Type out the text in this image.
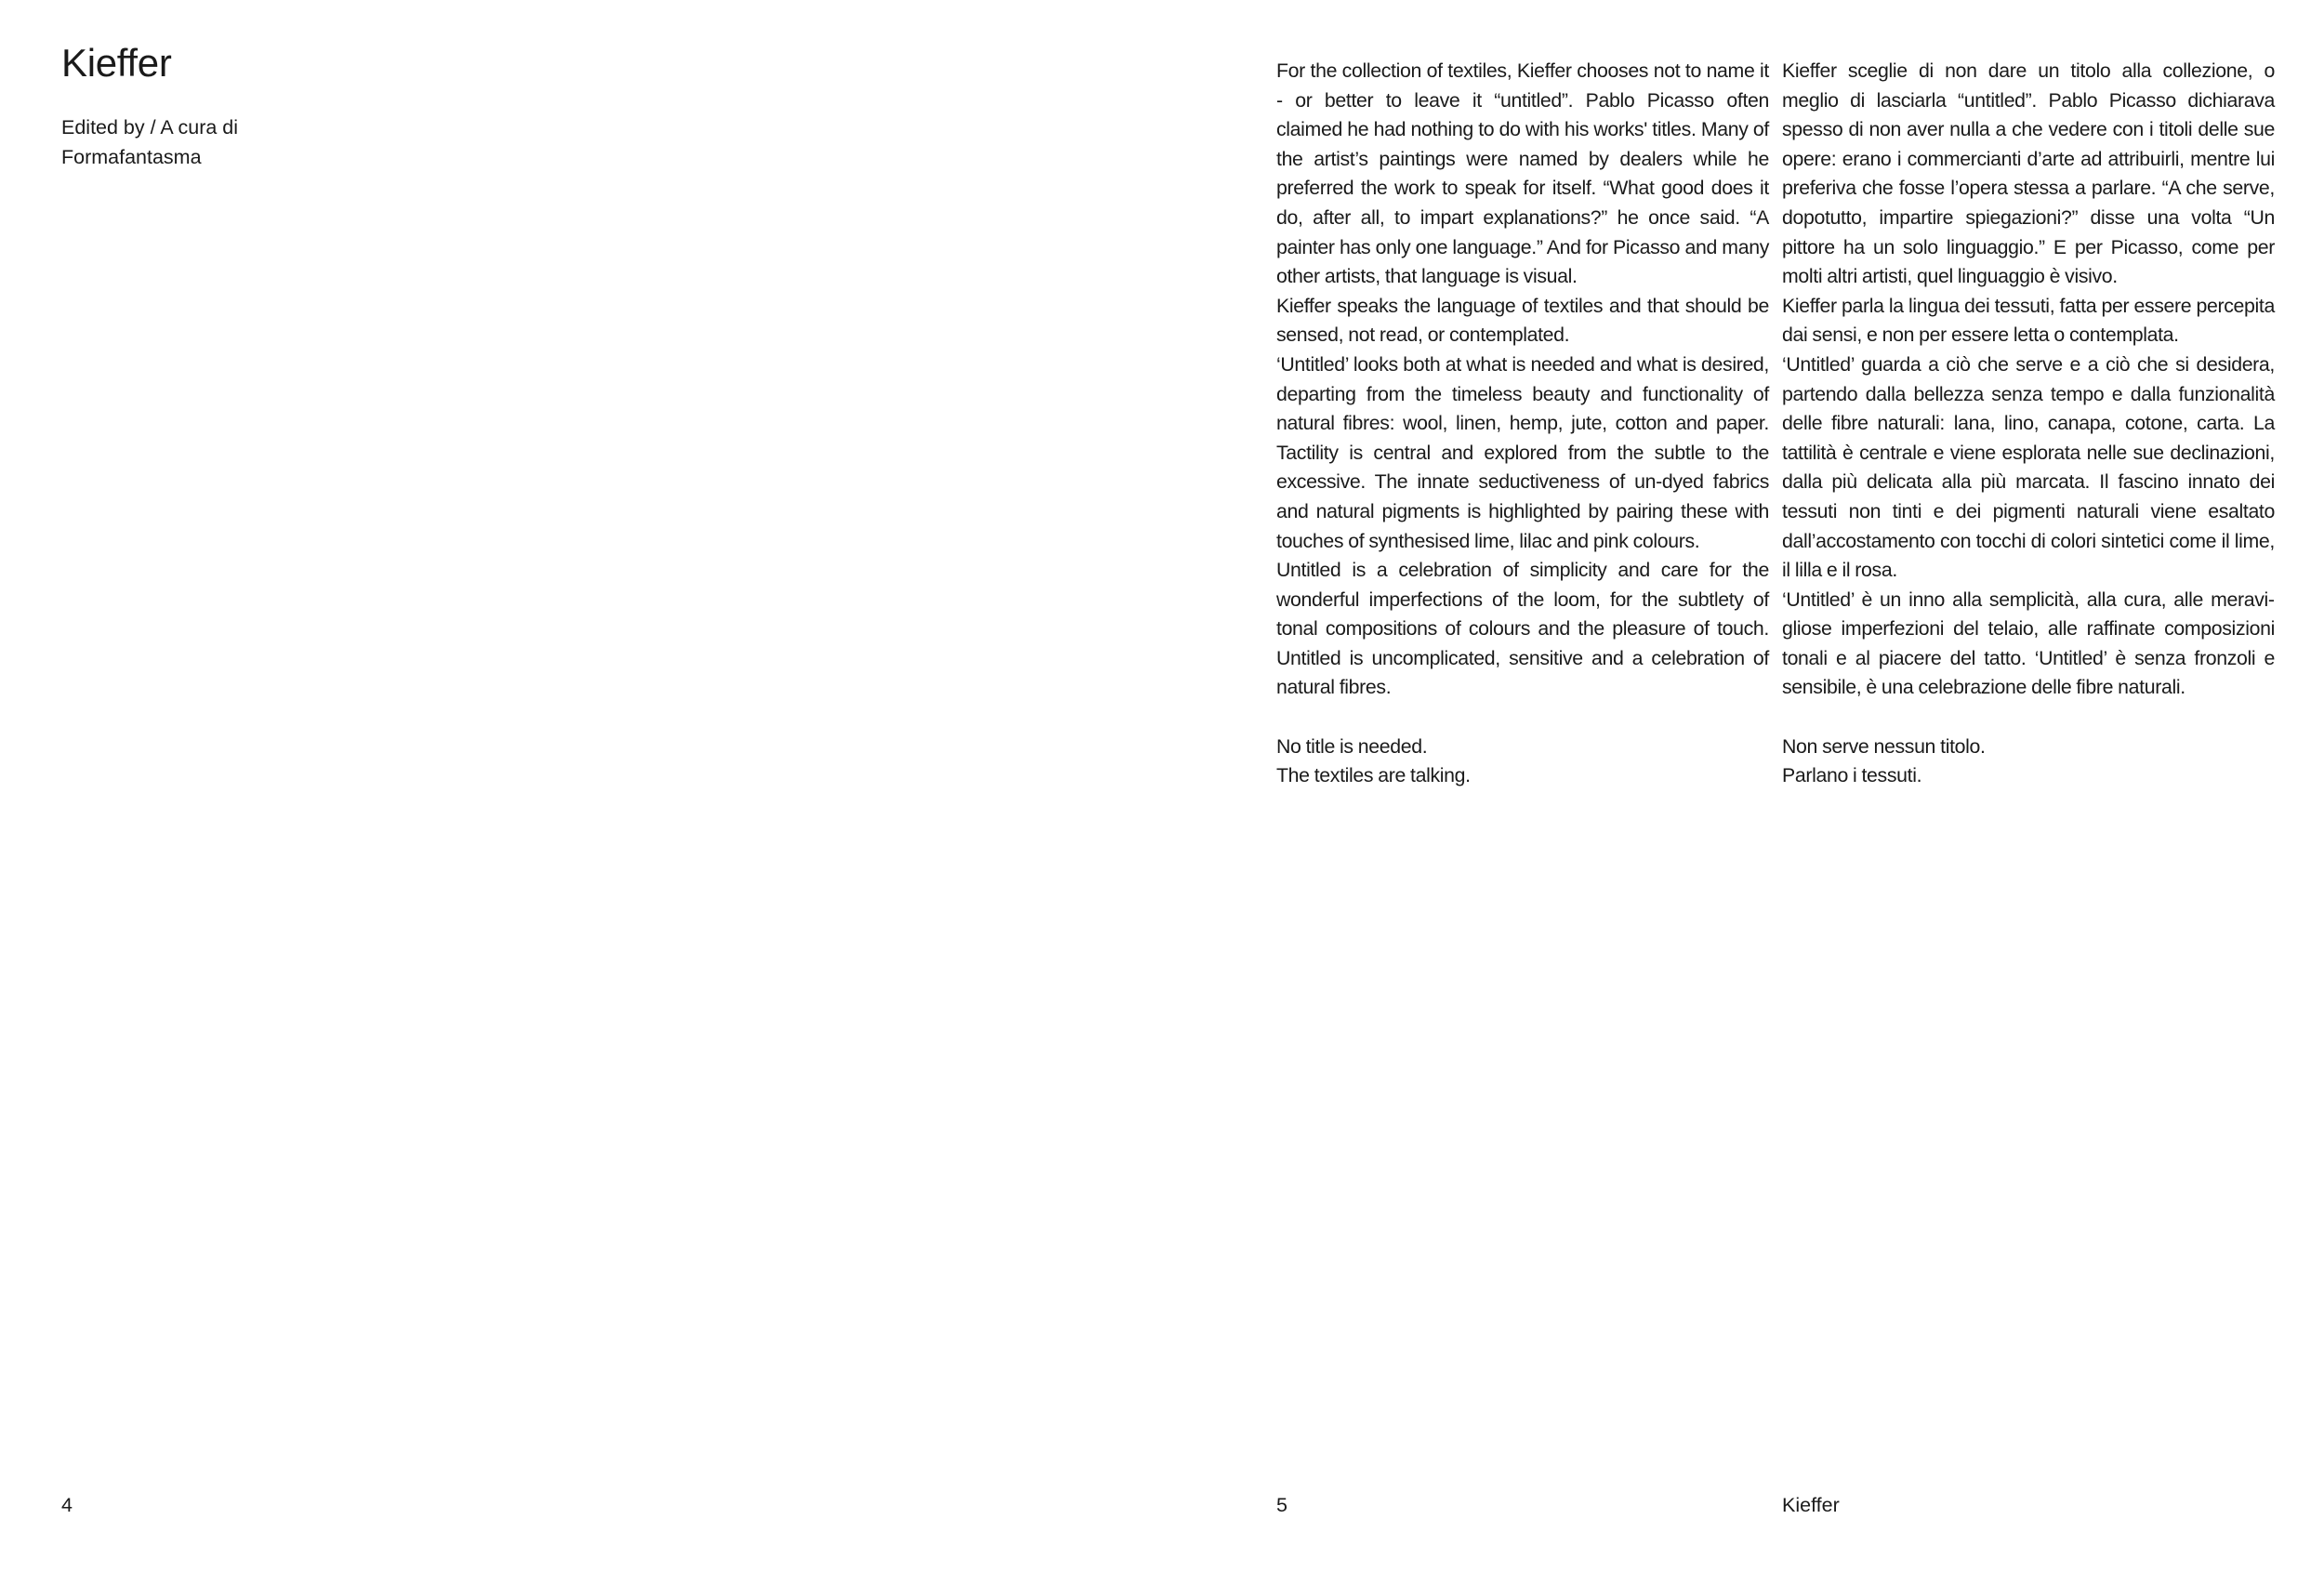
Kieffer
Edited by / A cura di
Formafantasma
4

For the collection of textiles, Kieffer chooses not to name it - or better to leave it “untitled”. Pablo Picasso often claimed he had nothing to do with his works' titles. Many of the artist’s paintings were named by dealers while he preferred the work to speak for itself. “What good does it do, after all, to impart explanations?” he once said. “A painter has only one language.” And for Picasso and many other artists, that language is visual.

Kieffer speaks the language of textiles and that should be sensed, not read, or contemplated.

‘Untitled’ looks both at what is needed and what is desired, departing from the timeless beauty and functionality of natural fibres: wool, linen, hemp, jute, cotton and paper. Tactility is central and explored from the subtle to the excessive. The innate seductiveness of un-dyed fabrics and natural pigments is highlighted by pairing these with touches of synthesised lime, lilac and pink colours.

Untitled is a celebration of simplicity and care for the wonderful imperfections of the loom, for the subtlety of tonal compositions of colours and the pleasure of touch. Untitled is uncomplicated, sensitive and a celebration of natural fibres.

No title is needed.
The textiles are talking.

Kieffer sceglie di non dare un titolo alla collezione, o meglio di lasciarla “untitled”. Pablo Picasso dichiarava spesso di non aver nulla a che vedere con i titoli delle sue opere: erano i commercianti d’arte ad attribuirli, mentre lui preferiva che fosse l’opera stessa a parlare. “A che serve, dopotutto, impartire spiegazioni?” disse una volta “Un pittore ha un solo linguaggio.” E per Picasso, come per molti altri artisti, quel linguaggio è visivo.

Kieffer parla la lingua dei tessuti, fatta per essere percepita dai sensi, e non per essere letta o contemplata.

‘Untitled’ guarda a ciò che serve e a ciò che si desidera, partendo dalla bellezza senza tempo e dalla funzionalità delle fibre naturali: lana, lino, canapa, cotone, carta. La tattilità è centrale e viene esplorata nelle sue declinazioni, dalla più delicata alla più marcata. Il fascino innato dei tessuti non tinti e dei pigmenti naturali viene esaltato dall’accostamento con tocchi di colori sintetici come il lime, il lilla e il rosa.

‘Untitled’ è un inno alla semplicità, alla cura, alle meravigliose imperfezioni del telaio, alle raffinate composizioni tonali e al piacere del tatto. ‘Untitled’ è senza fronzoli e sensibile, è una celebrazione delle fibre naturali.

Non serve nessun titolo.
Parlano i tessuti.
5	Kieffer
